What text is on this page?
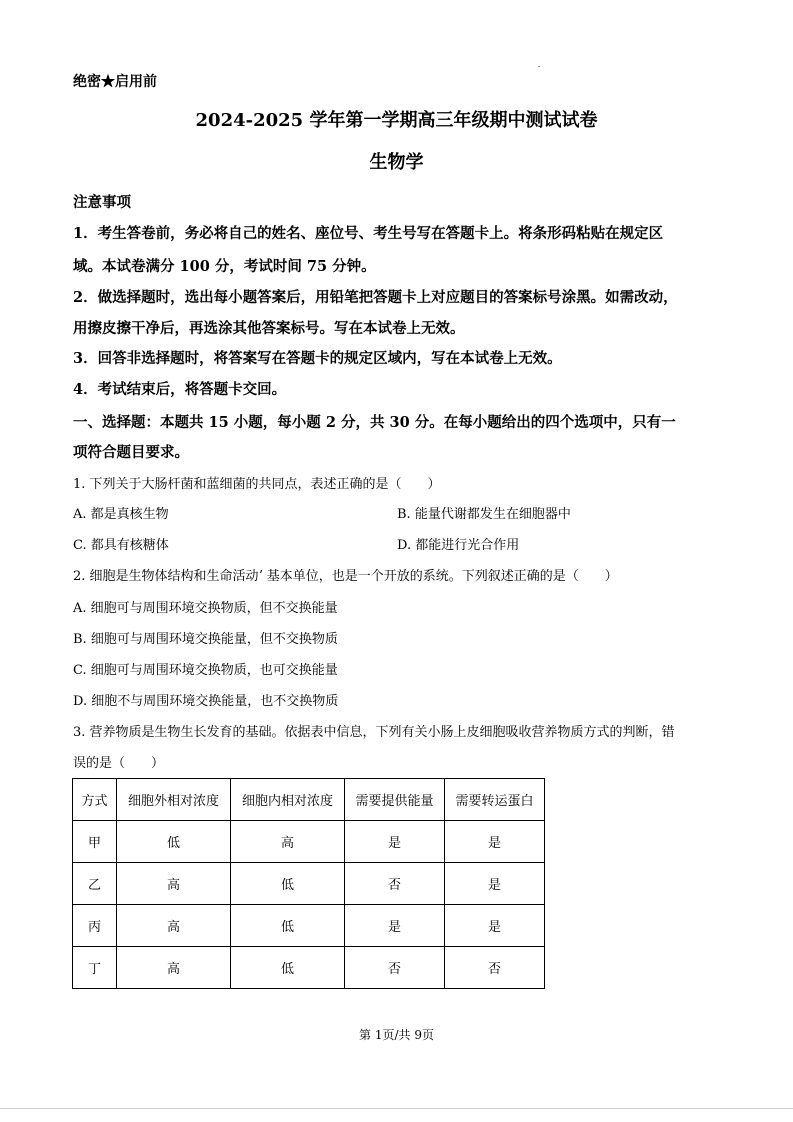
绝密★启用前
2024-2025 学年第一学期高三年级期中测试试卷
生物学
注意事项
1．考生答卷前，务必将自己的姓名、座位号、考生号写在答题卡上。将条形码粘贴在规定区
域。本试卷满分 100 分，考试时间 75 分钟。
2．做选择题时，选出每小题答案后，用铅笔把答题卡上对应题目的答案标号涂黑。如需改动，
用擦皮擦干净后，再选涂其他答案标号。写在本试卷上无效。
3．回答非选择题时，将答案写在答题卡的规定区域内，写在本试卷上无效。
4．考试结束后，将答题卡交回。
一、选择题：本题共 15 小题，每小题 2 分，共 30 分。在每小题给出的四个选项中，只有一
项符合题目要求。
1. 下列关于大肠杆菌和蓝细菌的共同点，表述正确的是（　　）
A. 都是真核生物	B. 能量代谢都发生在细胞器中
C. 都具有核糖体	D. 都能进行光合作用
2. 细胞是生物体结构和生命活动ʼ 基本单位，也是一个开放的系统。下列叙述正确的是（　　）
A. 细胞可与周围环境交换物质，但不交换能量
B. 细胞可与周围环境交换能量，但不交换物质
C. 细胞可与周围环境交换物质，也可交换能量
D. 细胞不与周围环境交换能量，也不交换物质
3. 营养物质是生物生长发育的基础。依据表中信息，下列有关小肠上皮细胞吸收营养物质方式的判断，错
误的是（　　）
方式	细胞外相对浓度	细胞内相对浓度	需要提供能量	需要转运蛋白
甲	低	高	是	是
乙	高	低	否	是
丙	高	低	是	是
丁	高	低	否	否
第 1页/共 9页
